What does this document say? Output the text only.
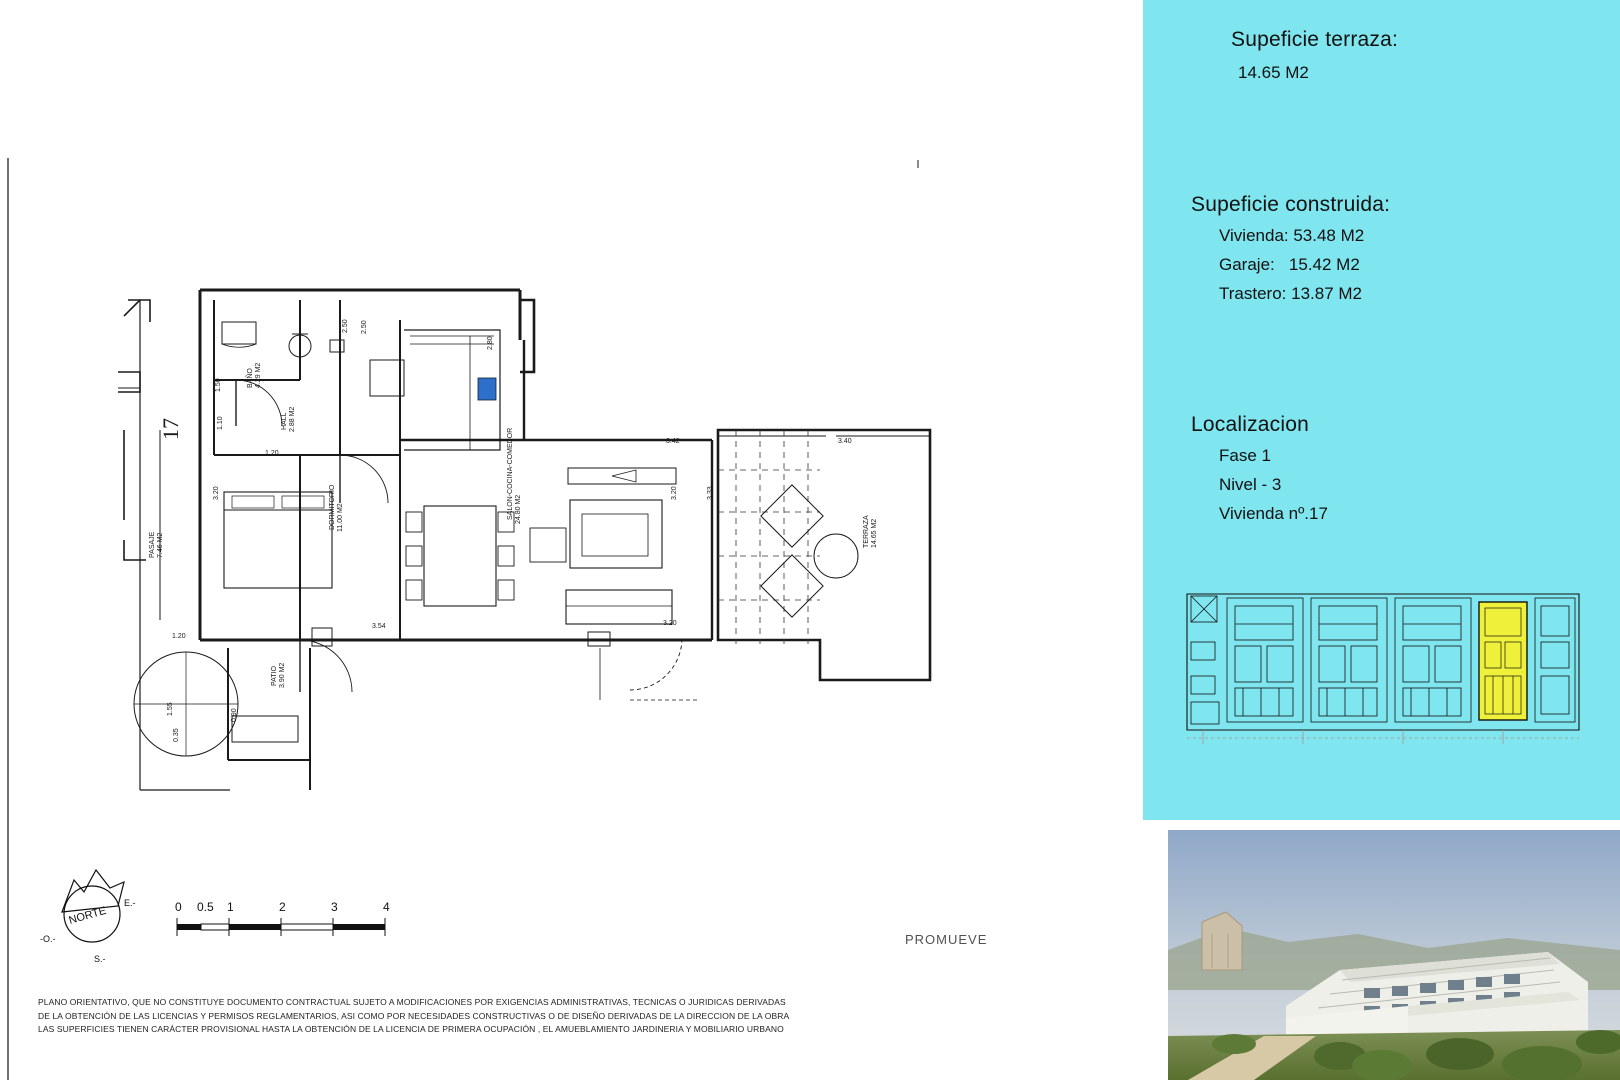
2.50 2.50
2.80
1.50
1.10
1.20
3.20
3.54
3.20
3.42
3.33
3.40
3.20
1.20
0.90
1.55
0.35
BAÑO 4.29 M2
HALL 2.88 M2
DORMITORIO 11.00 M2	SALON-COCINA-COMEDOR 24.80 M2
TERRAZA 14.65 M2
PATIO 3.90 M2
PASAJE 7.46 M2
17
NORTE
E.-
S.-
-O.-
0 0.5 1	2	3	4
PROMUEVE
PLANO ORIENTATIVO, QUE NO CONSTITUYE DOCUMENTO CONTRACTUAL SUJETO A MODIFICACIONES POR EXIGENCIAS ADMINISTRATIVAS, TECNICAS O JURIDICAS DERIVADAS
DE LA OBTENCIÓN DE LAS LICENCIAS Y PERMISOS REGLAMENTARIOS, ASI COMO POR NECESIDADES CONSTRUCTIVAS O DE DISEÑO DERIVADAS DE LA DIRECCION DE LA OBRA
LAS SUPERFICIES TIENEN CARÁCTER PROVISIONAL HASTA LA OBTENCIÓN DE LA LICENCIA DE PRIMERA OCUPACIÓN , EL AMUEBLAMIENTO JARDINERIA Y MOBILIARIO URBANO
Supeficie terraza:
14.65 M2
Supeficie construida:
Vivienda: 53.48 M2
Garaje:   15.42 M2
Trastero: 13.87 M2
Localizacion
Fase 1
Nivel - 3
Vivienda nº.17
